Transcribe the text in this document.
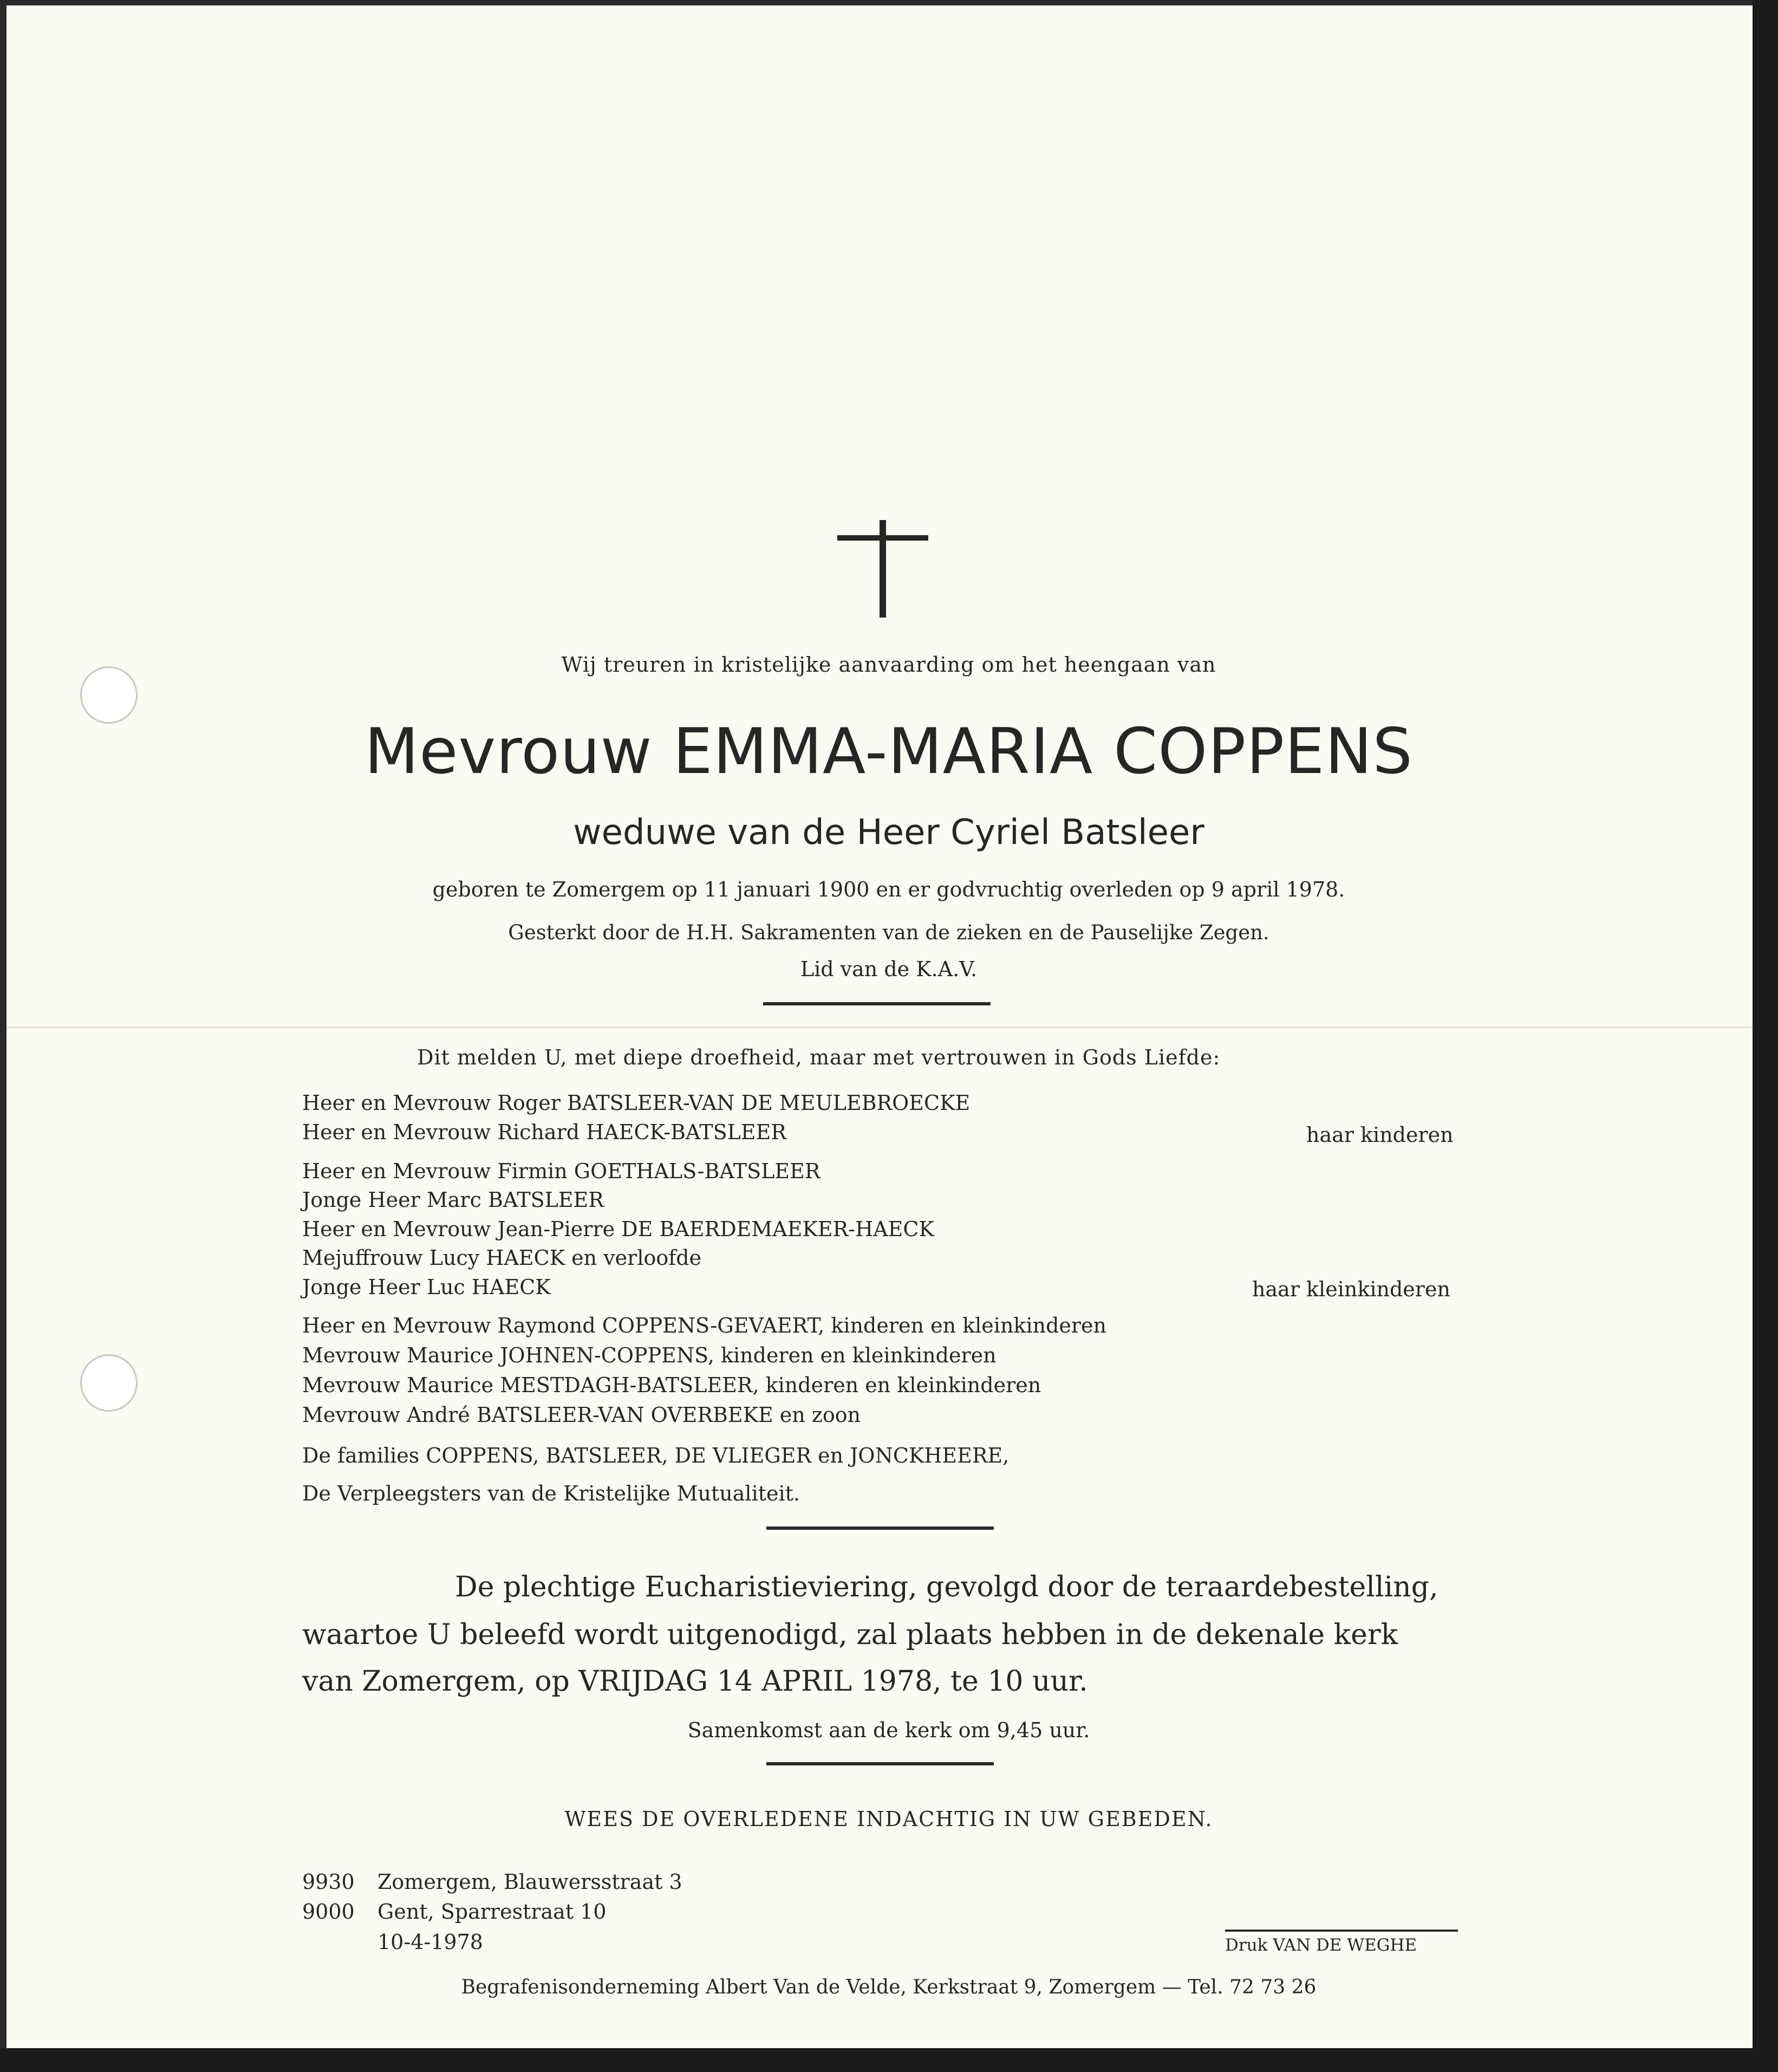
Wij treuren in kristelijke aanvaarding om het heengaan van

Mevrouw EMMA-MARIA COPPENS

weduwe van de Heer Cyriel Batsleer

geboren te Zomergem op 11 januari 1900 en er godvruchtig overleden op 9 april 1978.

Gesterkt door de H.H. Sakramenten van de zieken en de Pauselijke Zegen.

Lid van de K.A.V.

Dit melden U, met diepe droefheid, maar met vertrouwen in Gods Liefde:

Heer en Mevrouw Roger BATSLEER-VAN DE MEULEBROECKE

Heer en Mevrouw Richard HAECK-BATSLEER	haar kinderen

Heer en Mevrouw Firmin GOETHALS-BATSLEER

Jonge Heer Marc BATSLEER

Heer en Mevrouw Jean-Pierre DE BAERDEMAEKER-HAECK

Mejuffrouw Lucy HAECK en verloofde

Jonge Heer Luc HAECK	haar kleinkinderen

Heer en Mevrouw Raymond COPPENS-GEVAERT, kinderen en kleinkinderen

Mevrouw Maurice JOHNEN-COPPENS, kinderen en kleinkinderen

Mevrouw Maurice MESTDAGH-BATSLEER, kinderen en kleinkinderen

Mevrouw André BATSLEER-VAN OVERBEKE en zoon

De families COPPENS, BATSLEER, DE VLIEGER en JONCKHEERE,

De Verpleegsters van de Kristelijke Mutualiteit.

De plechtige Eucharistieviering, gevolgd door de teraardebestelling,

waartoe U beleefd wordt uitgenodigd, zal plaats hebben in de dekenale kerk

van Zomergem, op VRIJDAG 14 APRIL 1978, te 10 uur.

Samenkomst aan de kerk om 9,45 uur.

WEES DE OVERLEDENE INDACHTIG IN UW GEBEDEN.

9930 Zomergem, Blauwersstraat 3

9000 Gent, Sparrestraat 10

10-4-1978	Druk VAN DE WEGHE

Begrafenisonderneming Albert Van de Velde, Kerkstraat 9, Zomergem — Tel. 72 73 26
